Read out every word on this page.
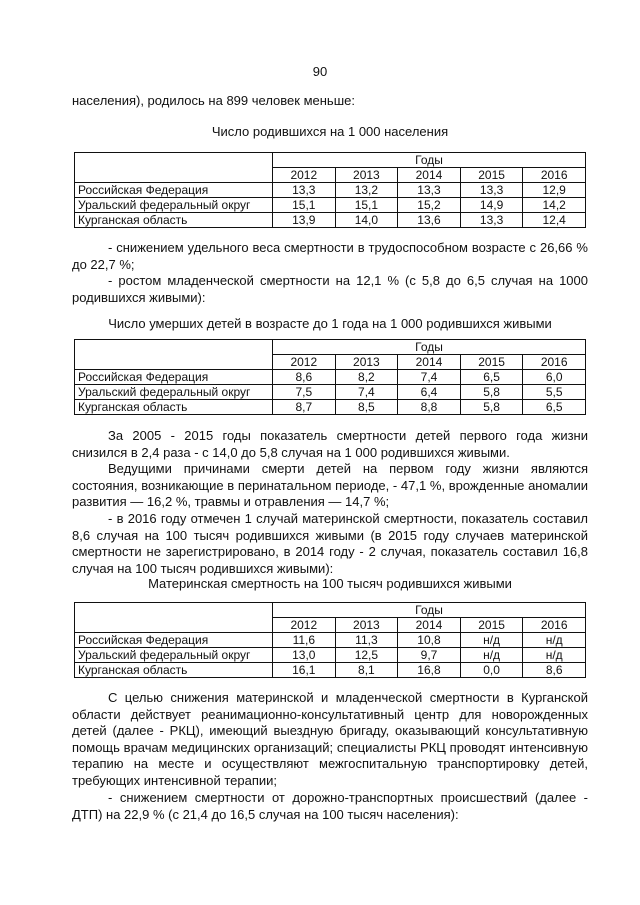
90

населения), родилось на 899 человек меньше:

Число родившихся на 1 000 населения
	Годы				
	2012	2013	2014	2015	2016
Российская Федерация	13,3	13,2	13,3	13,3	12,9
Уральский федеральный округ	15,1	15,1	15,2	14,9	14,2
Курганская область	13,9	14,0	13,6	13,3	12,4

- снижением удельного веса смертности в трудоспособном возрасте с 26,66 % до 22,7 %;

- ростом младенческой смертности на 12,1 % (с 5,8 до 6,5 случая на 1000 родившихся живыми):

Число умерших детей в возрасте до 1 года на 1 000 родившихся живыми
	Годы				
	2012	2013	2014	2015	2016
Российская Федерация	8,6	8,2	7,4	6,5	6,0
Уральский федеральный округ	7,5	7,4	6,4	5,8	5,5
Курганская область	8,7	8,5	8,8	5,8	6,5

За 2005 - 2015 годы показатель смертности детей первого года жизни снизился в 2,4 раза - с 14,0 до 5,8 случая на 1 000 родившихся живыми.

Ведущими причинами смерти детей на первом году жизни являются состояния, возникающие в перинатальном периоде, - 47,1 %, врожденные аномалии развития — 16,2 %, травмы и отравления — 14,7 %;

- в 2016 году отмечен 1 случай материнской смертности, показатель составил 8,6 случая на 100 тысяч родившихся живыми (в 2015 году случаев материнской смертности не зарегистрировано, в 2014 году - 2 случая, показатель составил 16,8 случая на 100 тысяч родившихся живыми):

Материнская смертность на 100 тысяч родившихся живыми
	Годы				
	2012	2013	2014	2015	2016
Российская Федерация	11,6	11,3	10,8	н/д	н/д
Уральский федеральный округ	13,0	12,5	9,7	н/д	н/д
Курганская область	16,1	8,1	16,8	0,0	8,6

С целью снижения материнской и младенческой смертности в Курганской области действует реанимационно-консультативный центр для новорожденных детей (далее - РКЦ), имеющий выездную бригаду, оказывающий консультативную помощь врачам медицинских организаций; специалисты РКЦ проводят интенсивную терапию на месте и осуществляют межгоспитальную транспортировку детей, требующих интенсивной терапии;

- снижением смертности от дорожно-транспортных происшествий (далее - ДТП) на 22,9 % (с 21,4 до 16,5 случая на 100 тысяч населения):
